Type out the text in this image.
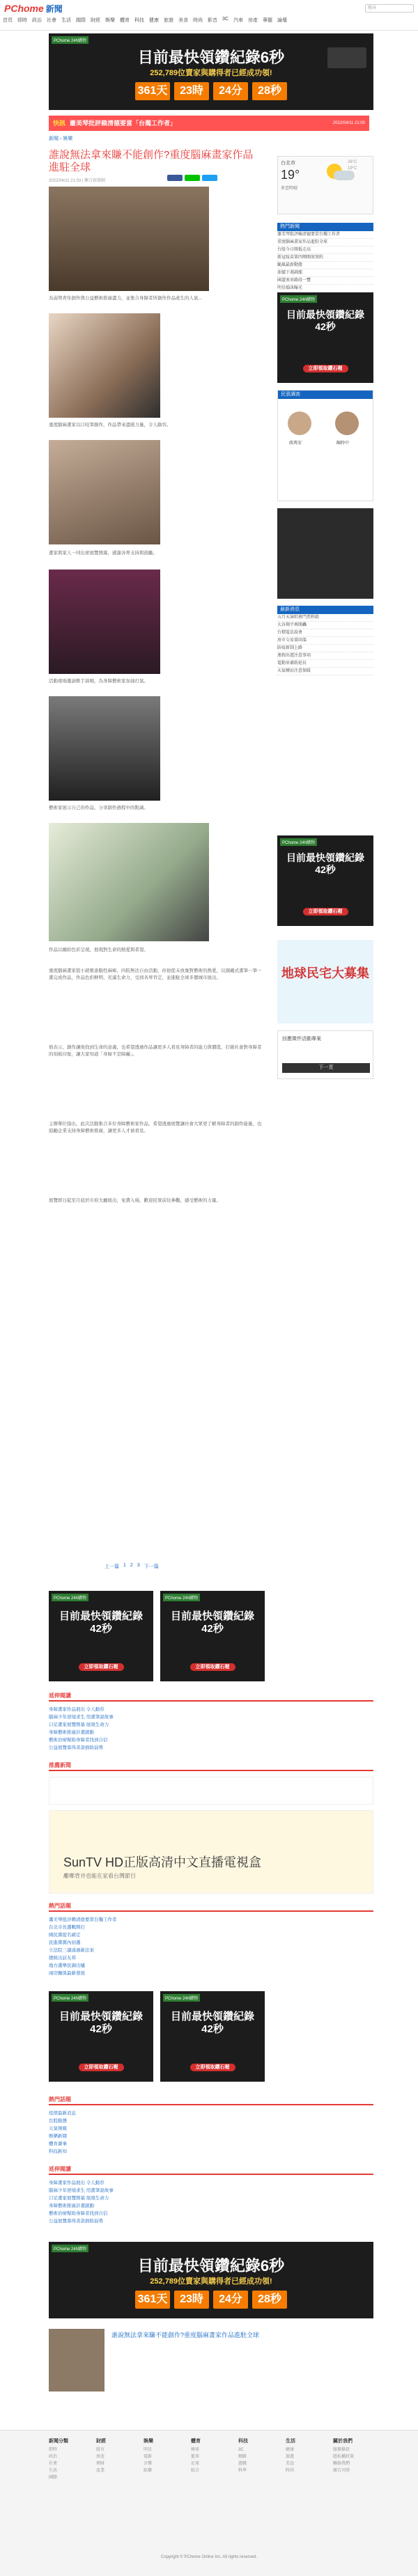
PChome 新聞	搜尋
首頁 即時 政治 社會 生活 國際 財經 娛樂 體育 科技 健康 旅遊 美食 時尚 影音 3C 汽車 房產 專題 論壇
PChome 24h購物
目前最快領鑽紀錄6秒
252,789位賣家與購得者已經成功領!
361天	23時	24分	28秒
快訊 蕭美琴批評賴清德要當「台獨工作者」	2022/04/11 21:00
新聞 › 娛樂
誰說無法拿來賺不能創作?重度腦麻畫家作品進駐全球
2022/04/11 21:03 | 聯合新聞網
為弱勢青年創作與公益藝術推廣盡力，並集合身障者所創作作品產生的人氣...
重度腦麻畫家以口咬筆創作，作品帶來溫暖力量，令人動容。
畫家與家人一同出席展覽開幕，感謝各界支持與鼓勵。
活動現場邀請歌手演唱，為身障藝術家加油打氣。
藝術家展示自己的作品，分享創作過程中的點滴。
作品以繽紛色彩呈現，展現對生命的熱愛與希望。
重度腦麻畫家從小就罹患腦性麻痺，四肢無法自由活動，但他從未放棄對藝術的熱愛，以頭戴式畫筆一筆一畫完成作品，作品色彩鮮明、充滿生命力，受到各界肯定，並進駐全球多個城市展出。
他表示，創作讓他找到生命的意義，也希望透過作品讓更多人看見身障者的能力與價值，打破社會對身障者的刻板印象，讓大家知道「身障不是障礙」。
主辦單位指出，此次活動集合多位身障藝術家作品，希望透過展覽讓社會大眾更了解身障者的創作能量，也鼓勵企業支持身障藝術推廣，讓更多人才被看見。
展覽即日起至月底於市府大廳展出，免費入場，歡迎民眾前往參觀，感受藝術的力量。
上一篇 1 2 3 下一篇
台北市
19°
多雲時晴
26°C
19°C
熱門新聞
蕭美琴批評賴清德要當台獨工作者
重度腦麻畫家作品進駐全球
台股今日開低走高
新冠疫苗第四劑開放預約
颱風最新動態
油價下週調漲
國道塞車路段一覽
明星婚訊曝光
PChome 24h購物
目前最快領鑽紀錄42秒
立即領取鑽石喔
民意調查
蔣萬安	陳時中
最新消息
五月天演唱會門票秒殺
大谷翔平再開轟
台積電法說會
房市交易量回溫
防疫新制上路
連假出遊注意事項
電動車補助延長
天氣轉涼注意保暖
PChome 24h購物
目前最快領鑽紀錄42秒
立即領取鑽石喔
地球民宅大募集
回應徵件活動專案
下一頁
PChome 24h購物
目前最快領鑽紀錄42秒
立即領取鑽石喔
PChome 24h購物
目前最快領鑽紀錄42秒
立即領取鑽石喔
延伸閱讀
身障畫家作品展出 令人動容
腦麻少年逆境求生 用畫筆說故事
口足畫家展覽開幕 展現生命力
身障藝術推廣計畫啟動
藝術治療幫助身障者找到自信
公益展覽募得善款捐助弱勢
推薦新聞
SunTV HD正版高清中文直播電視盒
離鄉背井也能在家看台灣節目
熱門話題
蕭美琴批評賴清德要當台獨工作者
台北市長選戰開打
國民黨提名確定
民進黨黨內初選
立法院三讀通過新法案
總統出訪友邦
地方選舉民調出爐
兩岸關係最新發展
PChome 24h購物
目前最快領鑽紀錄42秒
立即領取鑽石喔
PChome 24h購物
目前最快領鑽紀錄42秒
立即領取鑽石喔
熱門話題
疫情最新消息
台股動態
天氣預報
娛樂新聞
體育賽事
科技新知
延伸閱讀
身障畫家作品展出 令人動容
腦麻少年逆境求生 用畫筆說故事
口足畫家展覽開幕 展現生命力
身障藝術推廣計畫啟動
藝術治療幫助身障者找到自信
公益展覽募得善款捐助弱勢
PChome 24h購物
目前最快領鑽紀錄6秒
252,789位賣家與購得者已經成功領!
361天	23時	24分	28秒
誰說無法拿來賺不能創作?重度腦麻畫家作品進駐全球
新聞分類
即時
政治
社會
生活
國際
財經
股市
房產
理財
產業
娛樂
明星
電影
音樂
綜藝
體育
棒球
籃球
足球
綜合
科技
3C
網路
遊戲
科學
生活
健康
旅遊
美食
時尚
關於我們
服務條款
隱私權政策
聯絡我們
廣告刊登
Copyright © PChome Online Inc. All rights reserved.
